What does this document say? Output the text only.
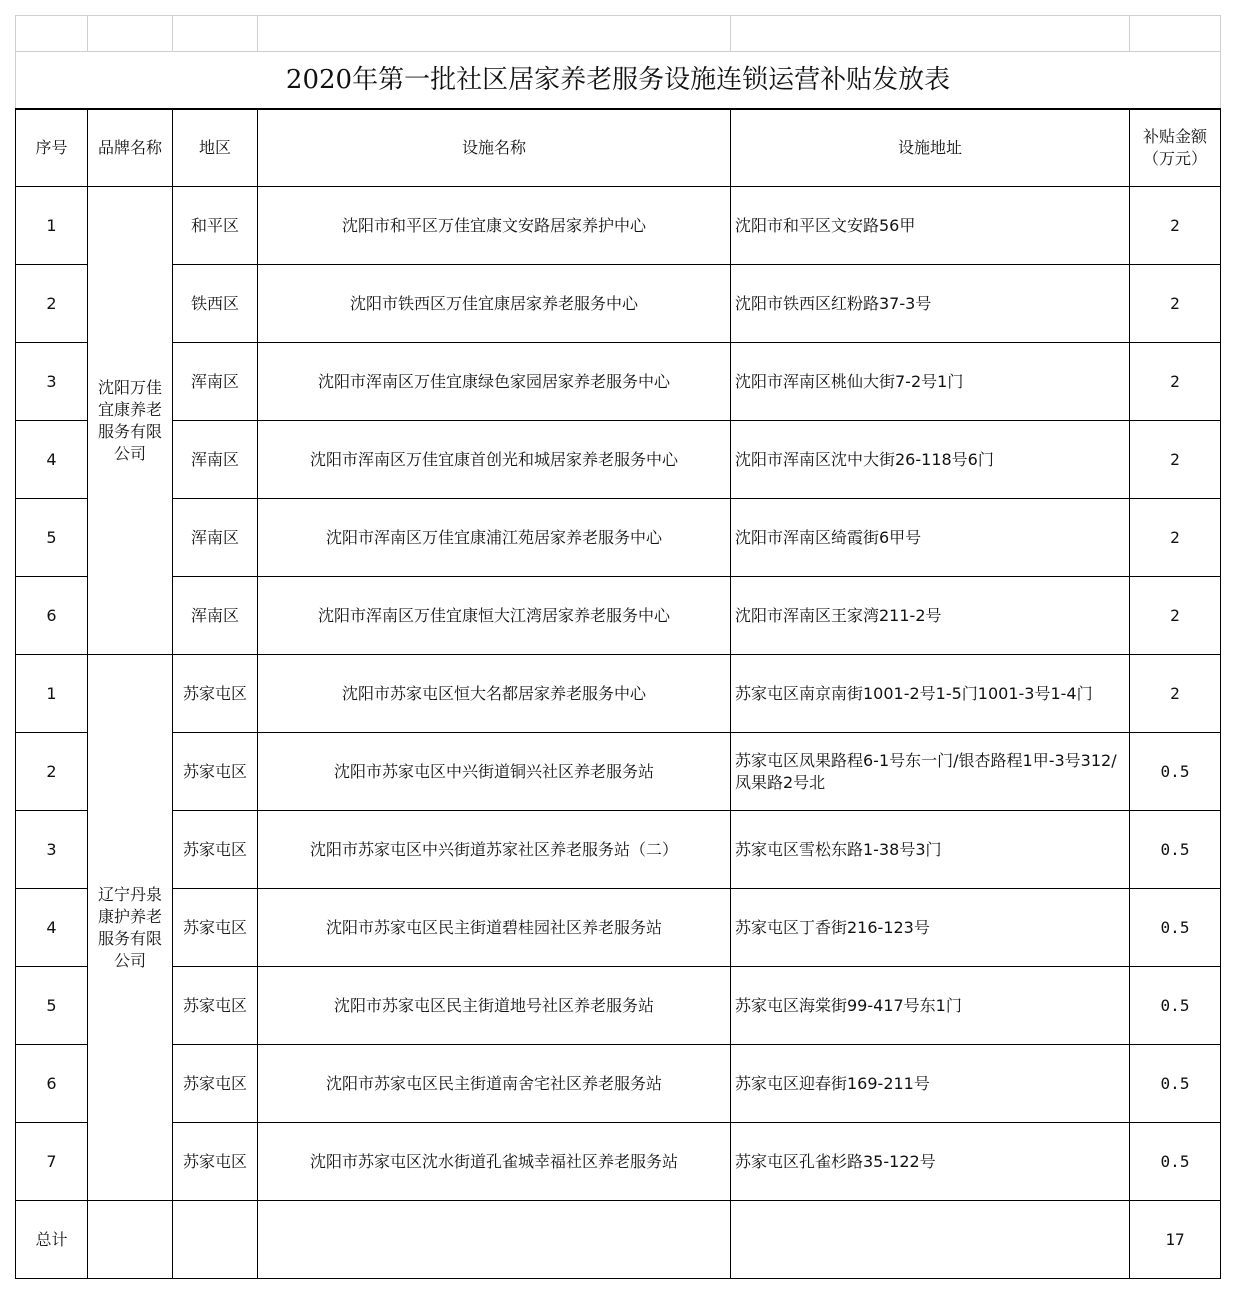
2020年第一批社区居家养老服务设施连锁运营补贴发放表					
序号	品牌名称	地区	设施名称	设施地址	补贴金额
（万元）

1	沈阳万佳宜康养老服务有限公司	和平区	沈阳市和平区万佳宜康文安路居家养护中心	沈阳市和平区文安路56甲	2
2		铁西区	沈阳市铁西区万佳宜康居家养老服务中心	沈阳市铁西区红粉路37-3号	2
3		浑南区	沈阳市浑南区万佳宜康绿色家园居家养老服务中心	沈阳市浑南区桃仙大街7-2号1门	2
4		浑南区	沈阳市浑南区万佳宜康首创光和城居家养老服务中心	沈阳市浑南区沈中大街26-118号6门	2
5		浑南区	沈阳市浑南区万佳宜康浦江苑居家养老服务中心	沈阳市浑南区绮霞街6甲号	2
6		浑南区	沈阳市浑南区万佳宜康恒大江湾居家养老服务中心	沈阳市浑南区王家湾211-2号	2
1	辽宁丹泉康护养老服务有限公司	苏家屯区	沈阳市苏家屯区恒大名都居家养老服务中心	苏家屯区南京南街1001-2号1-5门1001-3号1-4门	2
2		苏家屯区	沈阳市苏家屯区中兴街道铜兴社区养老服务站	苏家屯区凤果路程6-1号东一门/银杏路程1甲-3号312/凤果路2号北	0.5
3		苏家屯区	沈阳市苏家屯区中兴街道苏家社区养老服务站（二）	苏家屯区雪松东路1-38号3门	0.5
4		苏家屯区	沈阳市苏家屯区民主街道碧桂园社区养老服务站	苏家屯区丁香街216-123号	0.5
5		苏家屯区	沈阳市苏家屯区民主街道地号社区养老服务站	苏家屯区海棠街99-417号东1门	0.5
6		苏家屯区	沈阳市苏家屯区民主街道南舍宅社区养老服务站	苏家屯区迎春街169-211号	0.5
7		苏家屯区	沈阳市苏家屯区沈水街道孔雀城幸福社区养老服务站	苏家屯区孔雀杉路35-122号	0.5
总计					17
